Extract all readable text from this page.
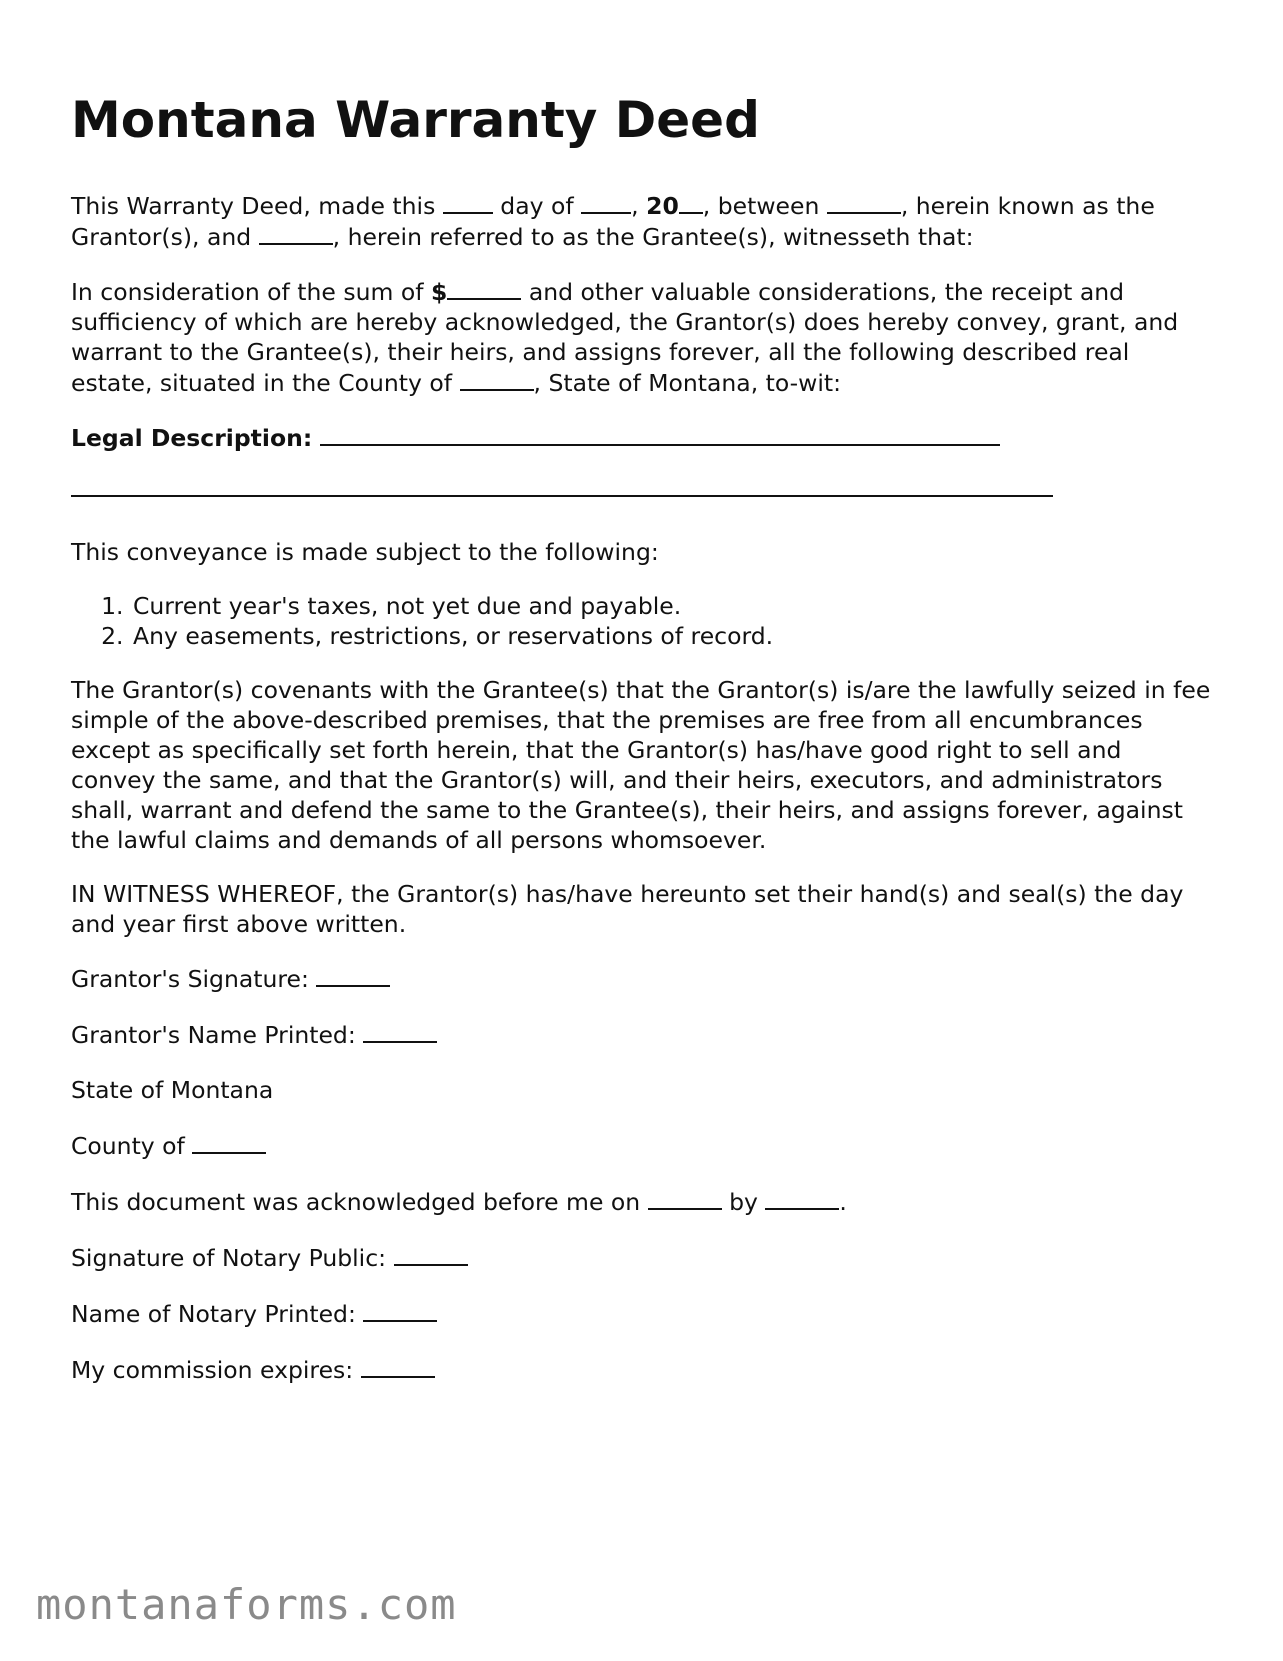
Montana Warranty Deed

This Warranty Deed, made this	day of , 20 , between	, herein known as the Grantor(s), and	, herein referred to as the Grantee(s), witnesseth that:

In consideration of the sum of $	and other valuable considerations, the receipt and sufficiency of which are hereby acknowledged, the Grantor(s) does hereby convey, grant, and warrant to the Grantee(s), their heirs, and assigns forever, all the following described real estate, situated in the County of	, State of Montana, to-wit:

Legal Description:

This conveyance is made subject to the following:

1. Current year's taxes, not yet due and payable.
2. Any easements, restrictions, or reservations of record.

The Grantor(s) covenants with the Grantee(s) that the Grantor(s) is/are the lawfully seized in fee simple of the above-described premises, that the premises are free from all encumbrances except as specifically set forth herein, that the Grantor(s) has/have good right to sell and convey the same, and that the Grantor(s) will, and their heirs, executors, and administrators shall, warrant and defend the same to the Grantee(s), their heirs, and assigns forever, against the lawful claims and demands of all persons whomsoever.

IN WITNESS WHEREOF, the Grantor(s) has/have hereunto set their hand(s) and seal(s) the day and year first above written.

Grantor's Signature:

Grantor's Name Printed:

State of Montana

County of

This document was acknowledged before me on	by	.

Signature of Notary Public:

Name of Notary Printed:

My commission expires:

montanaforms.com
